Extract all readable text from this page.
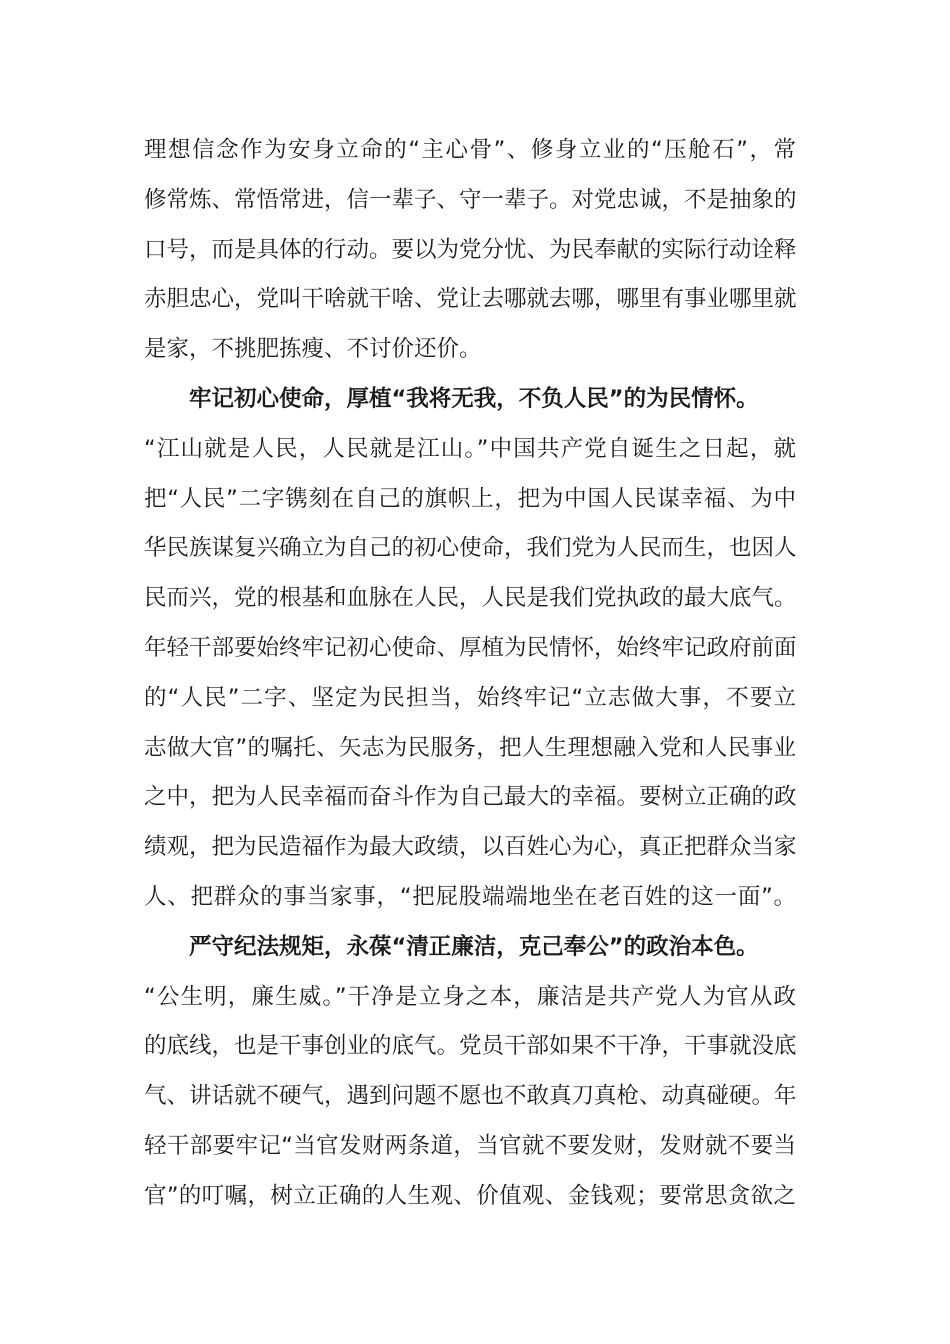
理想信念作为安身立命的“主心骨”、修身立业的“压舱石”，常
修常炼、常悟常进，信一辈子、守一辈子。对党忠诚，不是抽象的
口号，而是具体的行动。要以为党分忧、为民奉献的实际行动诠释
赤胆忠心，党叫干啥就干啥、党让去哪就去哪，哪里有事业哪里就
是家，不挑肥拣瘦、不讨价还价。
牢记初心使命，厚植“我将无我，不负人民”的为民情怀。
“江山就是人民，人民就是江山。”中国共产党自诞生之日起，就
把“人民”二字镌刻在自己的旗帜上，把为中国人民谋幸福、为中
华民族谋复兴确立为自己的初心使命，我们党为人民而生，也因人
民而兴，党的根基和血脉在人民，人民是我们党执政的最大底气。
年轻干部要始终牢记初心使命、厚植为民情怀，始终牢记政府前面
的“人民”二字、坚定为民担当，始终牢记“立志做大事，不要立
志做大官”的嘱托、矢志为民服务，把人生理想融入党和人民事业
之中，把为人民幸福而奋斗作为自己最大的幸福。要树立正确的政
绩观，把为民造福作为最大政绩，以百姓心为心，真正把群众当家
人、把群众的事当家事，“把屁股端端地坐在老百姓的这一面”。
严守纪法规矩，永葆“清正廉洁，克己奉公”的政治本色。
“公生明，廉生威。”干净是立身之本，廉洁是共产党人为官从政
的底线，也是干事创业的底气。党员干部如果不干净，干事就没底
气、讲话就不硬气，遇到问题不愿也不敢真刀真枪、动真碰硬。年
轻干部要牢记“当官发财两条道，当官就不要发财，发财就不要当
官”的叮嘱，树立正确的人生观、价值观、金钱观；要常思贪欲之
